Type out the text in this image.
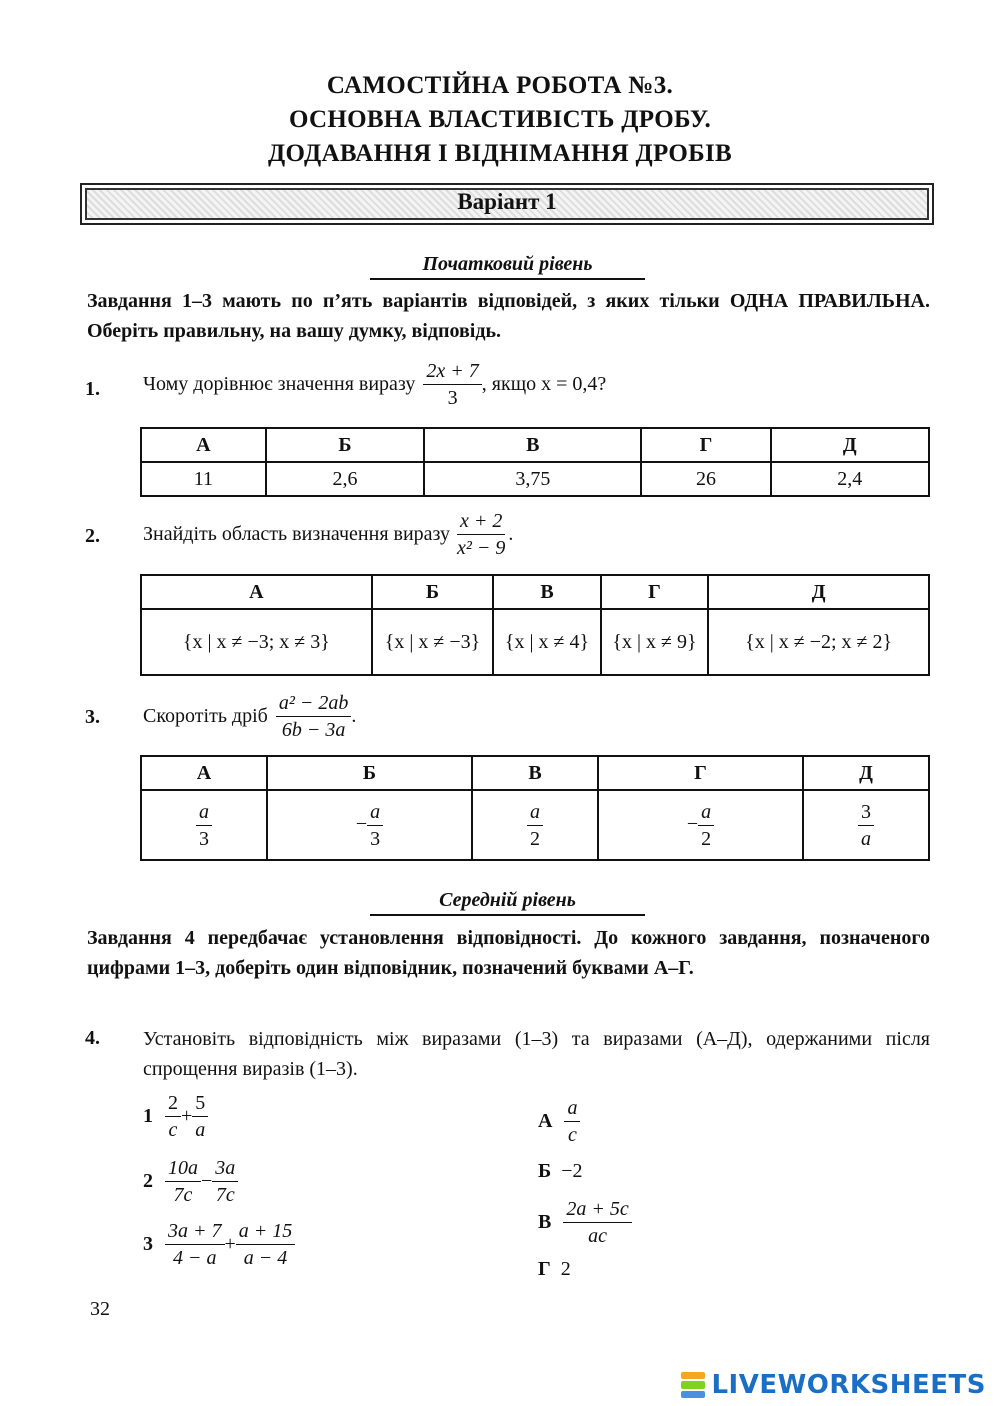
САМОСТІЙНА РОБОТА №3.
ОСНОВНА ВЛАСТИВІСТЬ ДРОБУ.
ДОДАВАННЯ І ВІДНІМАННЯ ДРОБІВ
Варіант 1
Початковий рівень
Завдання 1–3 мають по п’ять варіантів відповідей, з яких тільки ОДНА ПРАВИЛЬНА. Оберіть правильну, на вашу думку, відповідь.
1. Чому дорівнює значення виразу $\frac{2x + 7}{3}$ , якщо x = 0,4?
А	Б	В	Г	Д
11	2,6	3,75	26	2,4
2. Знайдіть область визначення виразу $\frac{x + 2}{\text{x² − 9}}$ .
А	Б	В	Г	Д
{x | x ≠ −3; x ≠ 3}	{x | x ≠ −3}	{x | x ≠ 4}	{x | x ≠ 9}	{x | x ≠ −2; x ≠ 2}
3. Скоротіть дріб $\frac{\text{a² − 2ab}}{6b - 3a}$ .
А	Б	В	Г	Д

$\frac{a}{3}$	− $\frac{a}{3}$	$\frac{a}{2}$	− $\frac{a}{2}$	$\frac{3}{a}$
Середній рівень
Завдання 4 передбачає установлення відповідності. До кожного завдання, позначеного цифрами 1–3, доберіть один відповідник, позначений буквами А–Г.
4. Установіть відповідність між виразами (1–3) та виразами (А–Д), одержаними після спрощення виразів (1–3).
$1 \frac{2}{c} + \frac{5}{a}$
$2 \frac{10a}{7c} - \frac{3a}{7c}$
$3 \frac{3a + 7}{4 - a} + \frac{a + 15}{a - 4}$
А $\frac{a}{c}$
Б −2
В $\frac{2a + 5c}{ac}$
Г 2
32
LIVEWORKSHEETS
